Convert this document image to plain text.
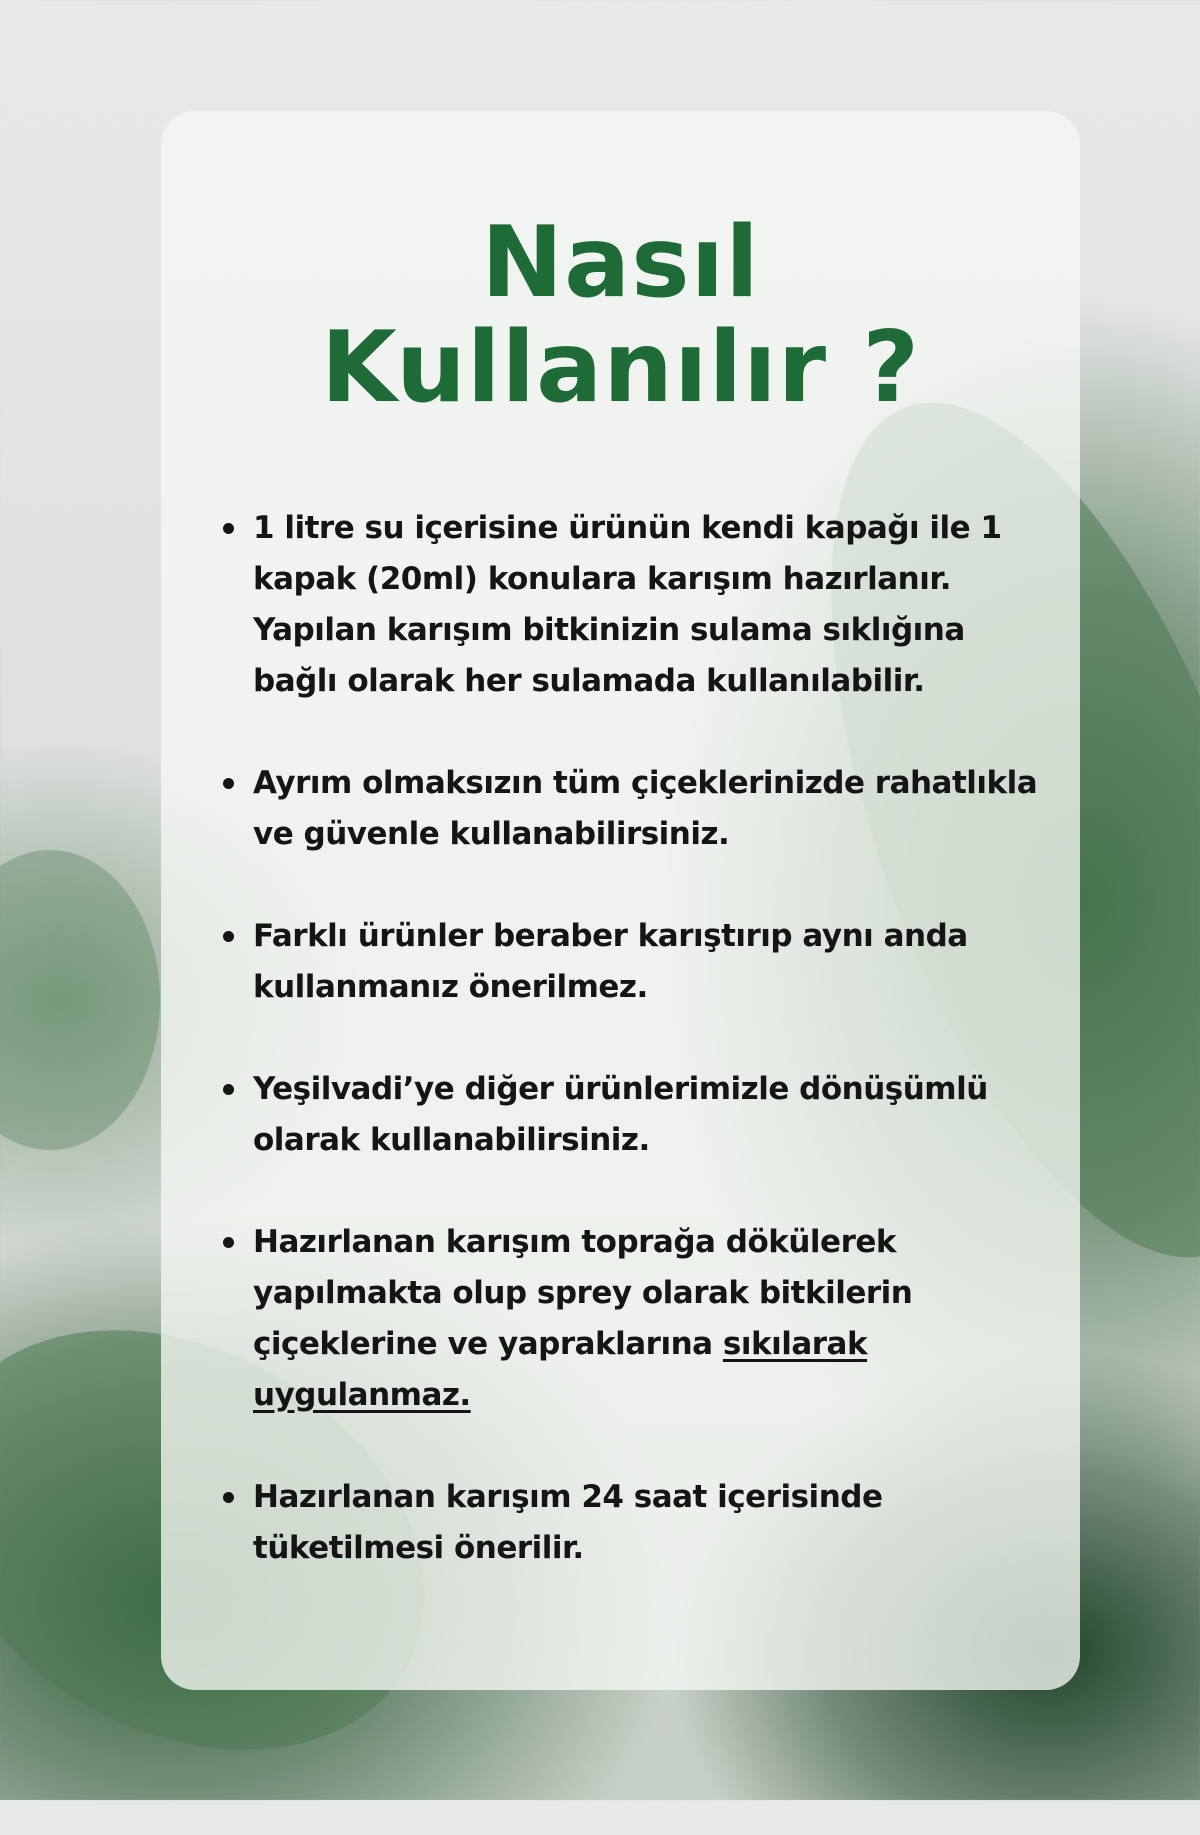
Nasıl
Kullanılır ?
1 litre su içerisine ürünün kendi kapağı ile 1 kapak (20ml) konulara karışım hazırlanır. Yapılan karışım bitkinizin sulama sıklığına bağlı olarak her sulamada kullanılabilir.
Ayrım olmaksızın tüm çiçeklerinizde rahatlıkla ve güvenle kullanabilirsiniz.
Farklı ürünler beraber karıştırıp aynı anda kullanmanız önerilmez.
Yeşilvadi’ye diğer ürünlerimizle dönüşümlü olarak kullanabilirsiniz.
Hazırlanan karışım toprağa dökülerek yapılmakta olup sprey olarak bitkilerin çiçeklerine ve yapraklarına sıkılarak uygulanmaz.
Hazırlanan karışım 24 saat içerisinde tüketilmesi önerilir.
